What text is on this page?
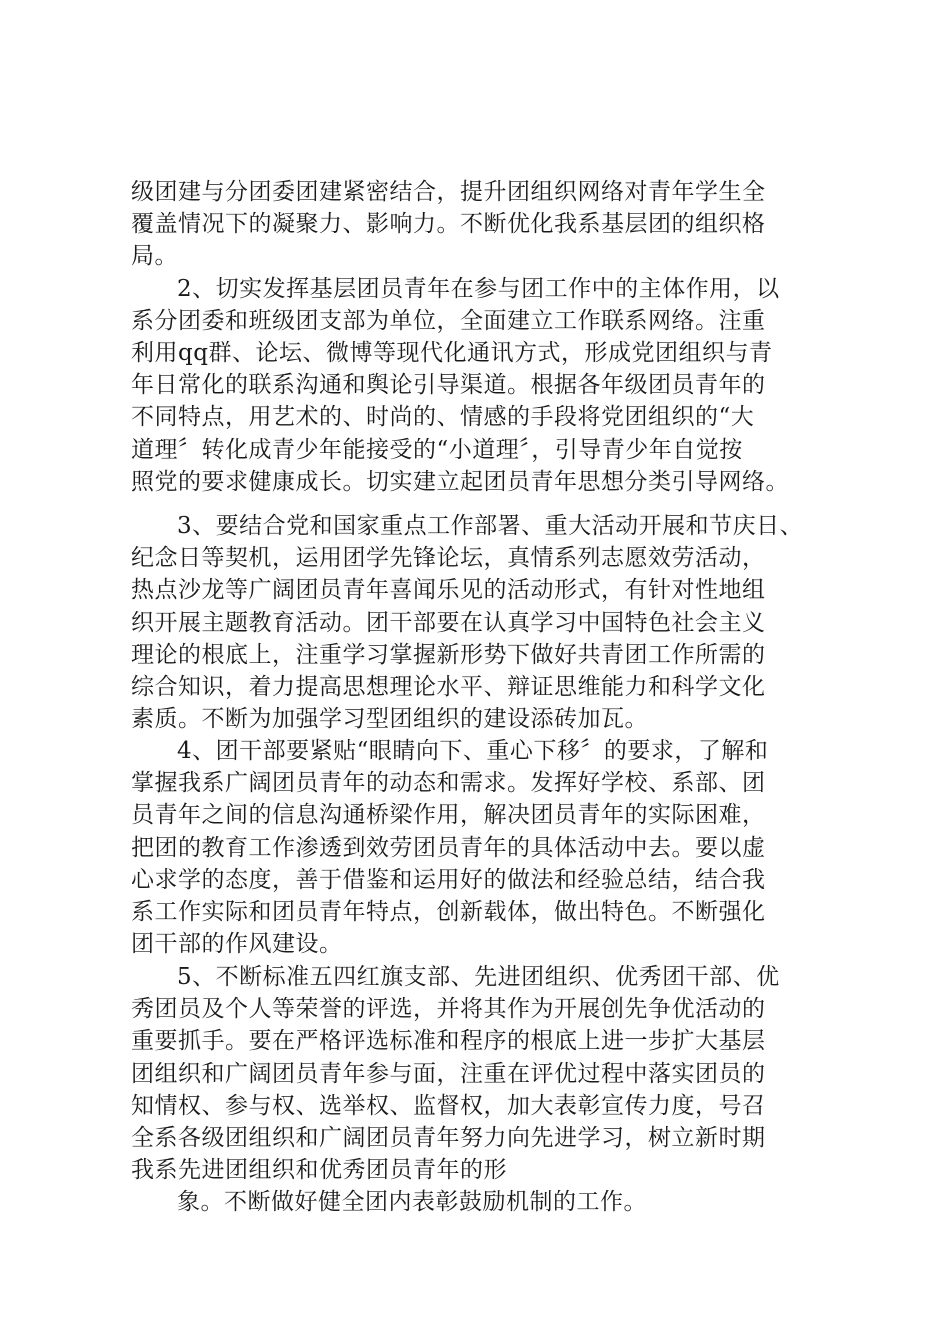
级团建与分团委团建紧密结合，提升团组织网络对青年学生全
覆盖情况下的凝聚力、影响力。不断优化我系基层团的组织格
局。
2、切实发挥基层团员青年在参与团工作中的主体作用，以
系分团委和班级团支部为单位，全面建立工作联系网络。注重
利用qq群、论坛、微博等现代化通讯方式，形成党团组织与青
年日常化的联系沟通和舆论引导渠道。根据各年级团员青年的
不同特点，用艺术的、时尚的、情感的手段将党团组织的“大
道理〞转化成青少年能接受的“小道理〞，引导青少年自觉按
照党的要求健康成长。切实建立起团员青年思想分类引导网络。
3、要结合党和国家重点工作部署、重大活动开展和节庆日、
纪念日等契机，运用团学先锋论坛，真情系列志愿效劳活动，
热点沙龙等广阔团员青年喜闻乐见的活动形式，有针对性地组
织开展主题教育活动。团干部要在认真学习中国特色社会主义
理论的根底上，注重学习掌握新形势下做好共青团工作所需的
综合知识，着力提高思想理论水平、辩证思维能力和科学文化
素质。不断为加强学习型团组织的建设添砖加瓦。
4、团干部要紧贴“眼睛向下、重心下移〞的要求，了解和
掌握我系广阔团员青年的动态和需求。发挥好学校、系部、团
员青年之间的信息沟通桥梁作用，解决团员青年的实际困难，
把团的教育工作渗透到效劳团员青年的具体活动中去。要以虚
心求学的态度，善于借鉴和运用好的做法和经验总结，结合我
系工作实际和团员青年特点，创新载体，做出特色。不断强化
团干部的作风建设。
5、不断标准五四红旗支部、先进团组织、优秀团干部、优
秀团员及个人等荣誉的评选，并将其作为开展创先争优活动的
重要抓手。要在严格评选标准和程序的根底上进一步扩大基层
团组织和广阔团员青年参与面，注重在评优过程中落实团员的
知情权、参与权、选举权、监督权，加大表彰宣传力度，号召
全系各级团组织和广阔团员青年努力向先进学习，树立新时期
我系先进团组织和优秀团员青年的形
象。不断做好健全团内表彰鼓励机制的工作。
